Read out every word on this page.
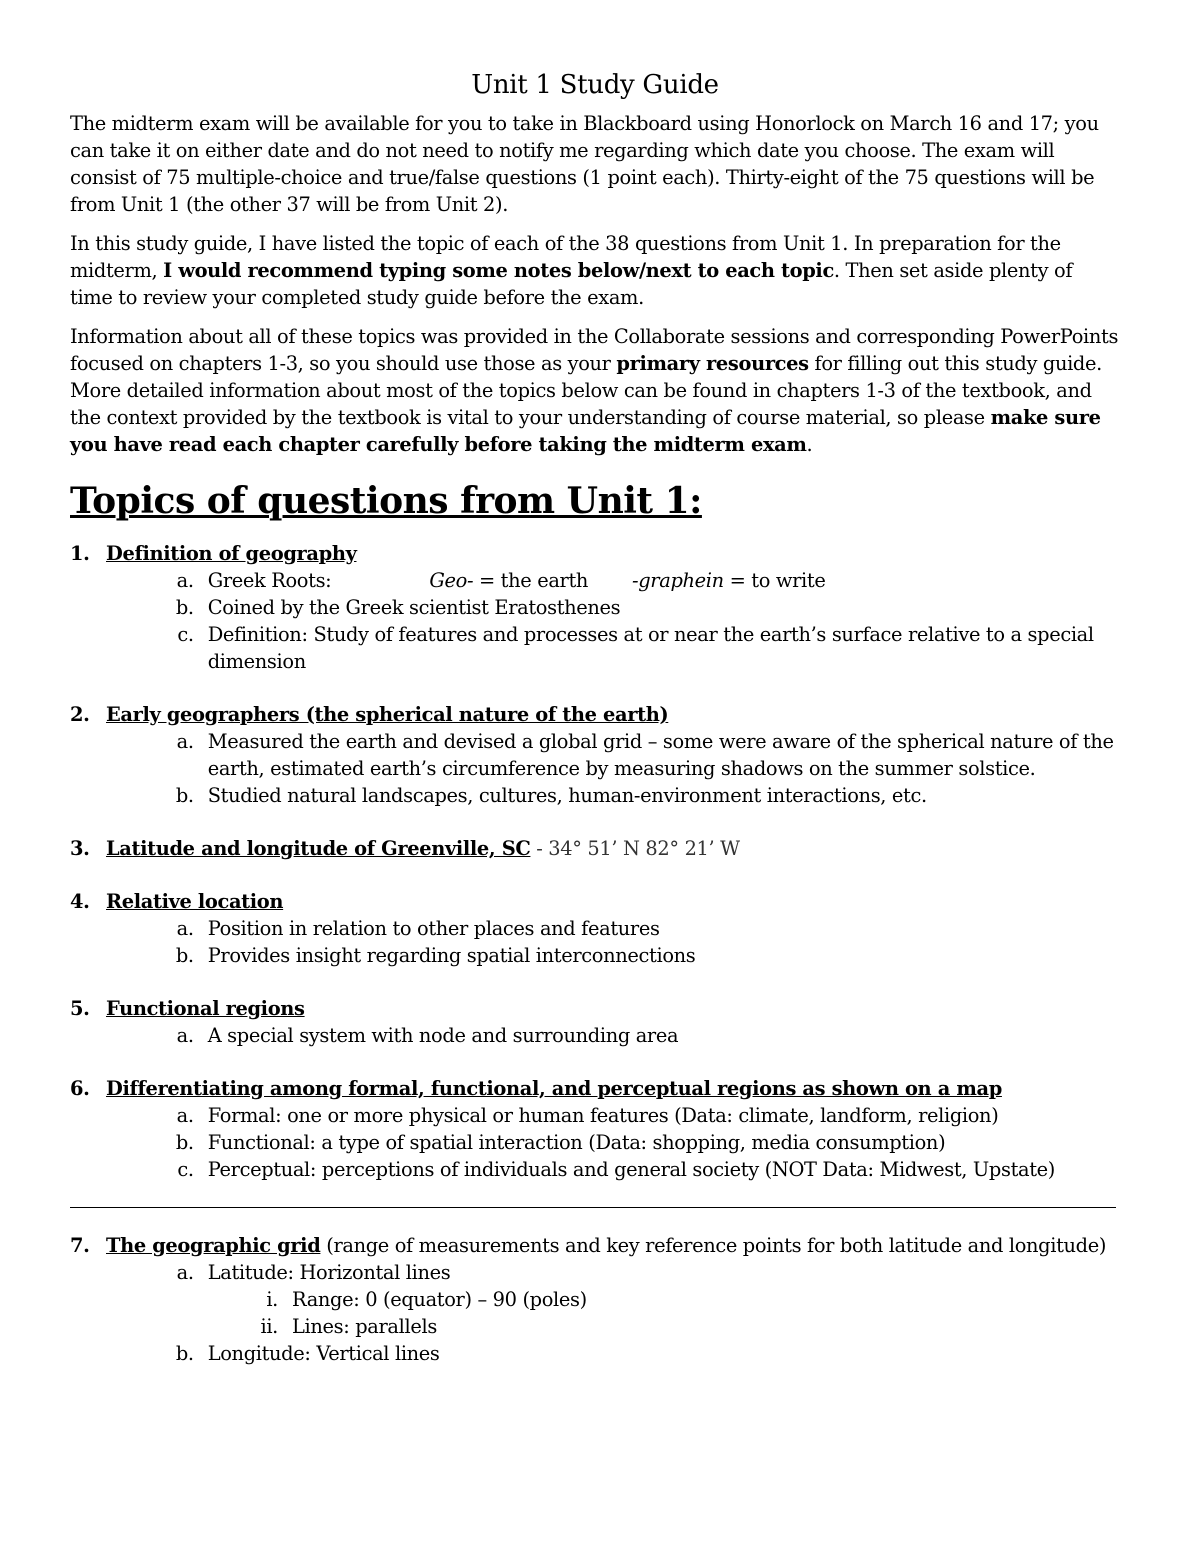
Unit 1 Study Guide

The midterm exam will be available for you to take in Blackboard using Honorlock on March 16 and 17; you can take it on either date and do not need to notify me regarding which date you choose. The exam will consist of 75 multiple-choice and true/false questions (1 point each). Thirty-eight of the 75 questions will be from Unit 1 (the other 37 will be from Unit 2).

In this study guide, I have listed the topic of each of the 38 questions from Unit 1. In preparation for the midterm, I would recommend typing some notes below/next to each topic. Then set aside plenty of time to review your completed study guide before the exam.

Information about all of these topics was provided in the Collaborate sessions and corresponding PowerPoints focused on chapters 1-3, so you should use those as your primary resources for filling out this study guide. More detailed information about most of the topics below can be found in chapters 1-3 of the textbook, and the context provided by the textbook is vital to your understanding of course material, so please make sure you have read each chapter carefully before taking the midterm exam.

Topics of questions from Unit 1:
1. Definition of geography
a. Greek Roots:	Geo- = the earth -graphein = to write
b. Coined by the Greek scientist Eratosthenes
c. Definition: Study of features and processes at or near the earth’s surface relative to a special dimension
2. Early geographers (the spherical nature of the earth)
a. Measured the earth and devised a global grid – some were aware of the spherical nature of the earth, estimated earth’s circumference by measuring shadows on the summer solstice.
b. Studied natural landscapes, cultures, human-environment interactions, etc.
3. Latitude and longitude of Greenville, SC - 34° 51’ N 82° 21’ W
4. Relative location
a. Position in relation to other places and features
b. Provides insight regarding spatial interconnections
5. Functional regions
a. A special system with node and surrounding area
6. Differentiating among formal, functional, and perceptual regions as shown on a map
a. Formal: one or more physical or human features (Data: climate, landform, religion)
b. Functional: a type of spatial interaction (Data: shopping, media consumption)
c. Perceptual: perceptions of individuals and general society (NOT Data: Midwest, Upstate)
7. The geographic grid (range of measurements and key reference points for both latitude and longitude)
a. Latitude: Horizontal lines
i. Range: 0 (equator) – 90 (poles)
ii. Lines: parallels
b. Longitude: Vertical lines
